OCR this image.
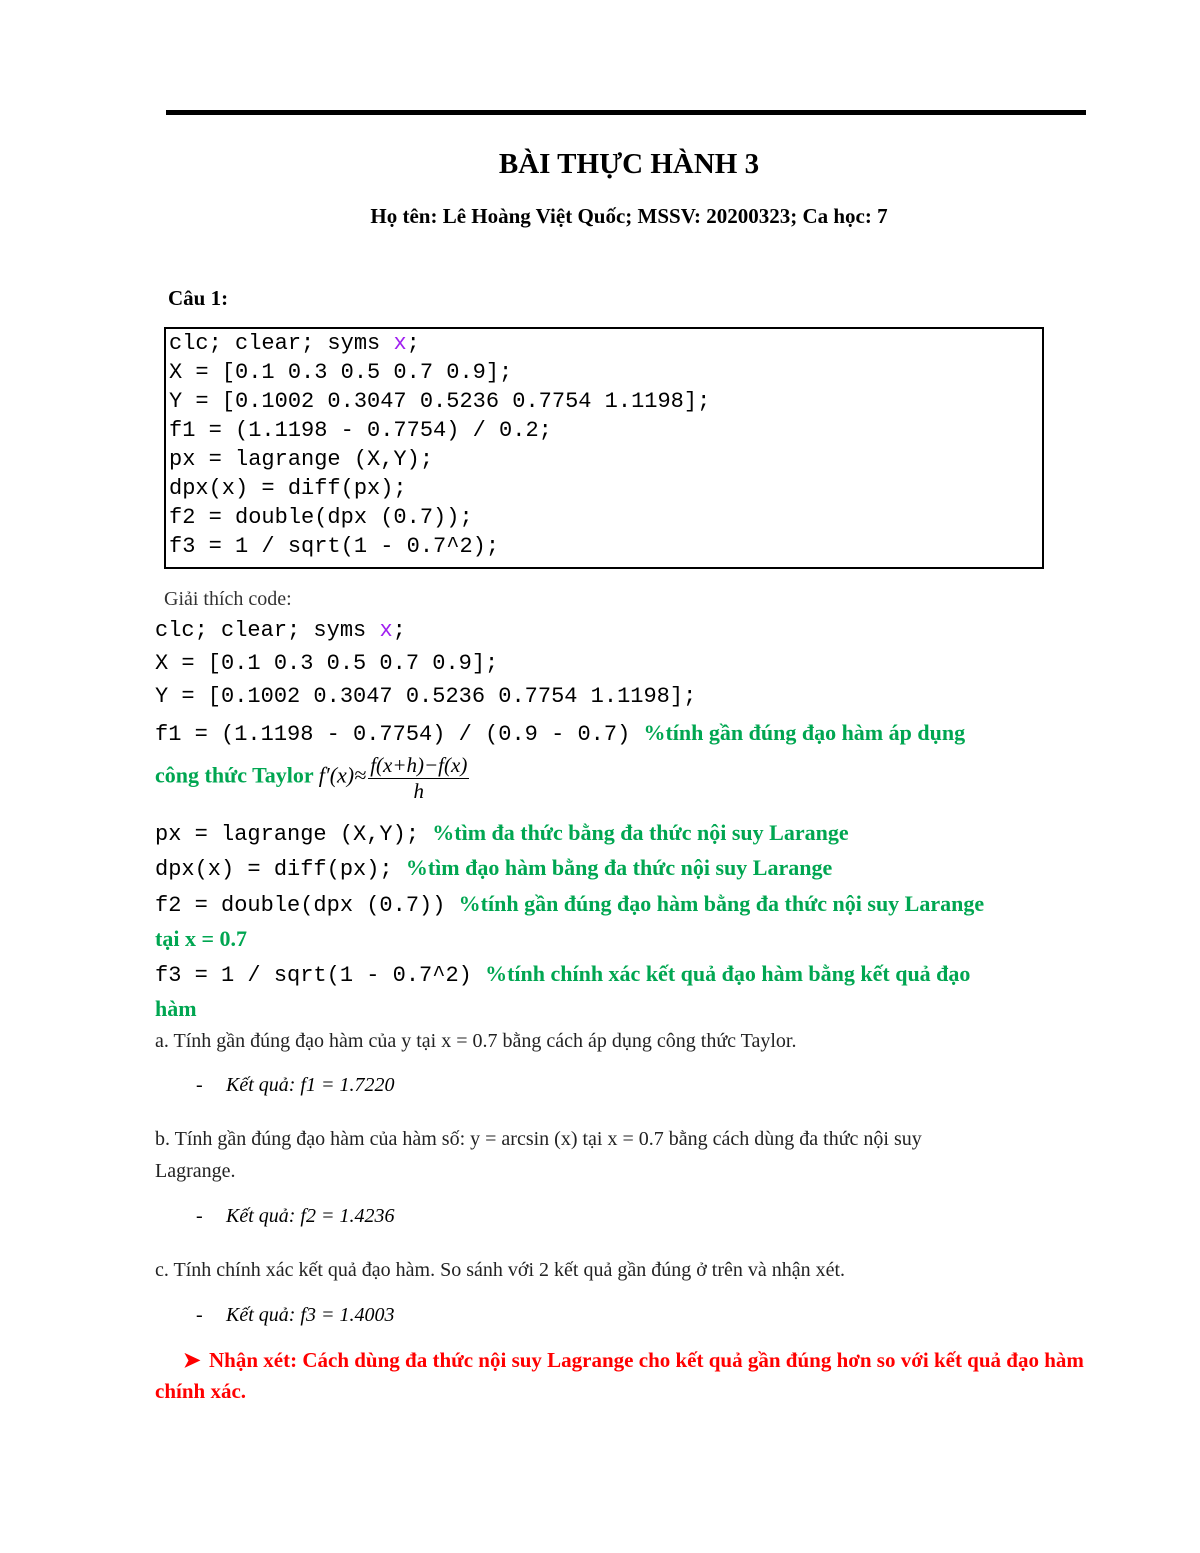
BÀI THỰC HÀNH 3
Họ tên: Lê Hoàng Việt Quốc; MSSV: 20200323; Ca học: 7
Câu 1:
clc; clear; syms x;
X = [0.1 0.3 0.5 0.7 0.9];
Y = [0.1002 0.3047 0.5236 0.7754 1.1198];
f1 = (1.1198 - 0.7754) / 0.2;
px = lagrange (X,Y);
dpx(x) = diff(px);
f2 = double(dpx (0.7));
f3 = 1 / sqrt(1 - 0.7^2);
Giải thích code:
clc; clear; syms x;
X = [0.1 0.3 0.5 0.7 0.9];
Y = [0.1002 0.3047 0.5236 0.7754 1.1198];
f1 = (1.1198 - 0.7754) / (0.9 - 0.7) %tính gần đúng đạo hàm áp dụng
công thức Taylor $f'(x)\approx \frac{f(x+h)-f(x)}{h}$
px = lagrange (X,Y); %tìm đa thức bằng đa thức nội suy Larange
dpx(x) = diff(px); %tìm đạo hàm bằng đa thức nội suy Larange
f2 = double(dpx (0.7)) %tính gần đúng đạo hàm bằng đa thức nội suy Larange
tại x = 0.7
f3 = 1 / sqrt(1 - 0.7^2) %tính chính xác kết quả đạo hàm bằng kết quả đạo
hàm
a. Tính gần đúng đạo hàm của y tại x = 0.7 bằng cách áp dụng công thức Taylor.
- Kết quả: f1 = 1.7220
b. Tính gần đúng đạo hàm của hàm số: y = arcsin (x) tại x = 0.7 bằng cách dùng đa thức nội suy
Lagrange.
- Kết quả: f2 = 1.4236
c. Tính chính xác kết quả đạo hàm. So sánh với 2 kết quả gần đúng ở trên và nhận xét.
- Kết quả: f3 = 1.4003
➤ Nhận xét: Cách dùng đa thức nội suy Lagrange cho kết quả gần đúng hơn so với kết quả đạo hàm chính xác.
